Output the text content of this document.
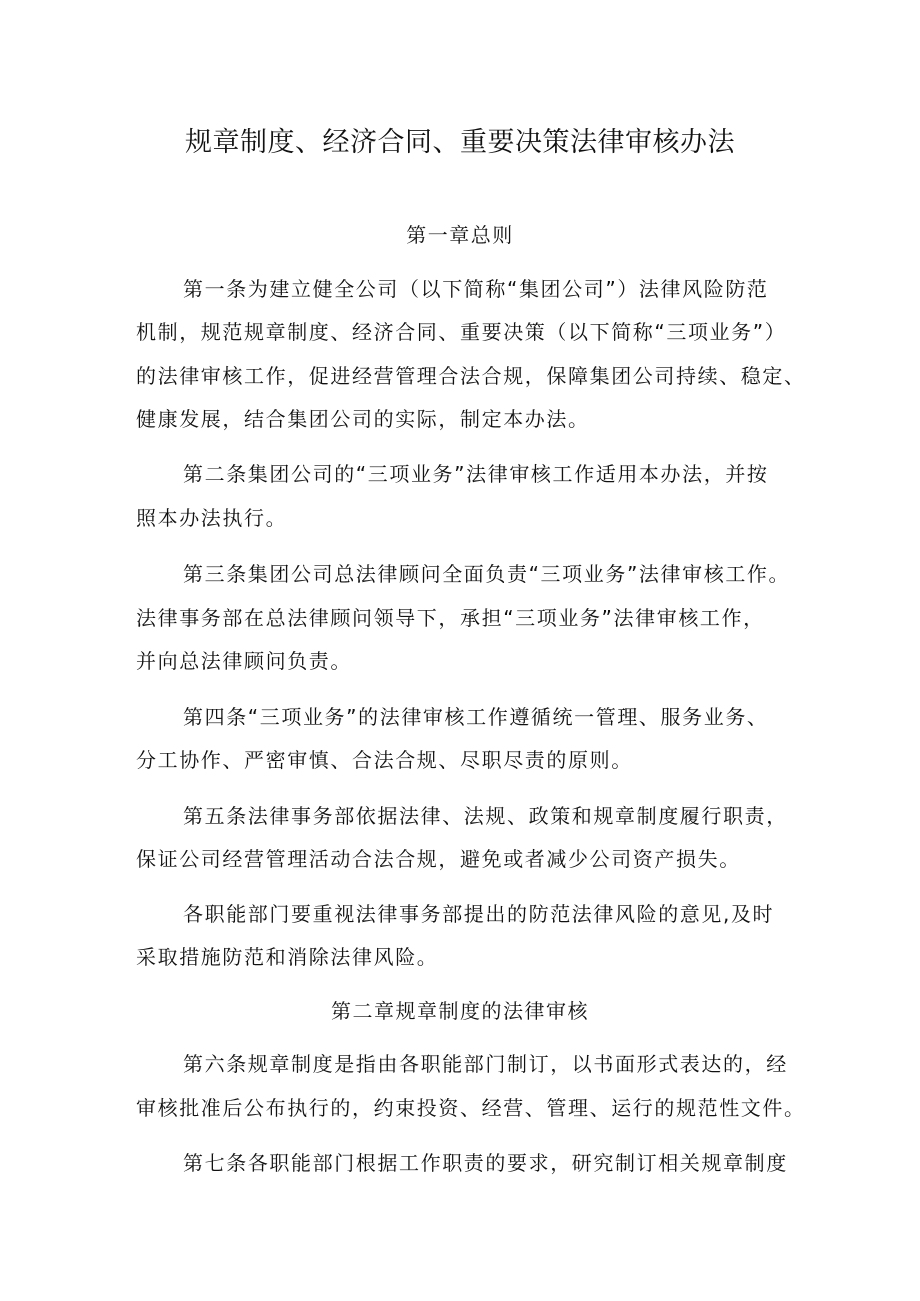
规章制度、经济合同、重要决策法律审核办法
第一章总则
第一条为建立健全公司（以下简称“集团公司”）法律风险防范
机制，规范规章制度、经济合同、重要决策（以下简称“三项业务”）
的法律审核工作，促进经营管理合法合规，保障集团公司持续、稳定、
健康发展，结合集团公司的实际，制定本办法。
第二条集团公司的“三项业务”法律审核工作适用本办法，并按
照本办法执行。
第三条集团公司总法律顾问全面负责“三项业务”法律审核工作。
法律事务部在总法律顾问领导下，承担“三项业务”法律审核工作，
并向总法律顾问负责。
第四条“三项业务”的法律审核工作遵循统一管理、服务业务、
分工协作、严密审慎、合法合规、尽职尽责的原则。
第五条法律事务部依据法律、法规、政策和规章制度履行职责，
保证公司经营管理活动合法合规，避免或者减少公司资产损失。
各职能部门要重视法律事务部提出的防范法律风险的意见,及时
采取措施防范和消除法律风险。
第二章规章制度的法律审核
第六条规章制度是指由各职能部门制订，以书面形式表达的，经
审核批准后公布执行的，约束投资、经营、管理、运行的规范性文件。
第七条各职能部门根据工作职责的要求，研究制订相关规章制度
